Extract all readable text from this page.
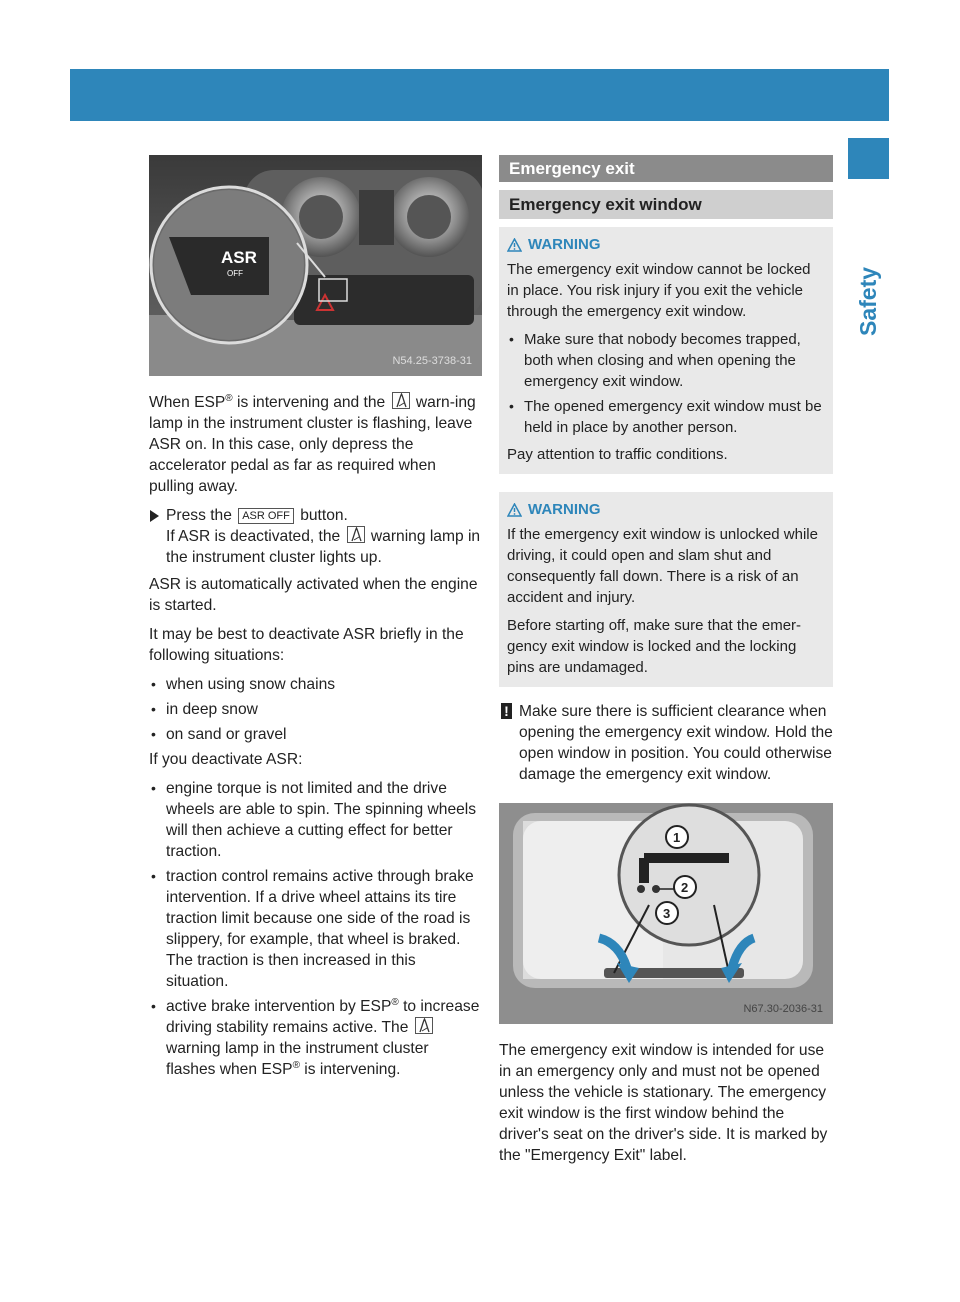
Emergency exit 61
Safety
ASR
OFF
N54.25-3738-31

When ESP® is intervening and the
warn-ing lamp in the instrument cluster is flashing, leave ASR on. In this case, only depress the accelerator pedal as far as required when pulling away.

Press the ASR OFF button.
If ASR is deactivated, the
warning lamp in the instrument cluster lights up.

ASR is automatically activated when the engine is started.

It may be best to deactivate ASR briefly in the following situations:

• when using snow chains
• in deep snow
• on sand or gravel

If you deactivate ASR:

• engine torque is not limited and the drive wheels are able to spin. The spinning wheels will then achieve a cutting effect for better traction.
• traction control remains active through brake intervention. If a drive wheel attains its tire traction limit because one side of the road is slippery, for example, that wheel is braked. The traction is then increased in this situation.
• active brake intervention by ESP® to increase driving stability remains active. The
warning lamp in the instrument cluster flashes when ESP® is intervening.
Emergency exit
Emergency exit window
WARNING

The emergency exit window cannot be locked in place. You risk injury if you exit the vehicle through the emergency exit window.

• Make sure that nobody becomes trapped, both when closing and when opening the emergency exit window.
• The opened emergency exit window must be held in place by another person.

Pay attention to traffic conditions.

WARNING

If the emergency exit window is unlocked while driving, it could open and slam shut and consequently fall down. There is a risk of an accident and injury.

Before starting off, make sure that the emer-gency exit window is locked and the locking pins are undamaged.

! Make sure there is sufficient clearance when opening the emergency exit window. Hold the open window in position. You could otherwise damage the emergency exit window.
1
2
3
N67.30-2036-31

The emergency exit window is intended for use in an emergency only and must not be opened unless the vehicle is stationary. The emergency exit window is the first window behind the driver's seat on the driver's side. It is marked by the "Emergency Exit" label.
